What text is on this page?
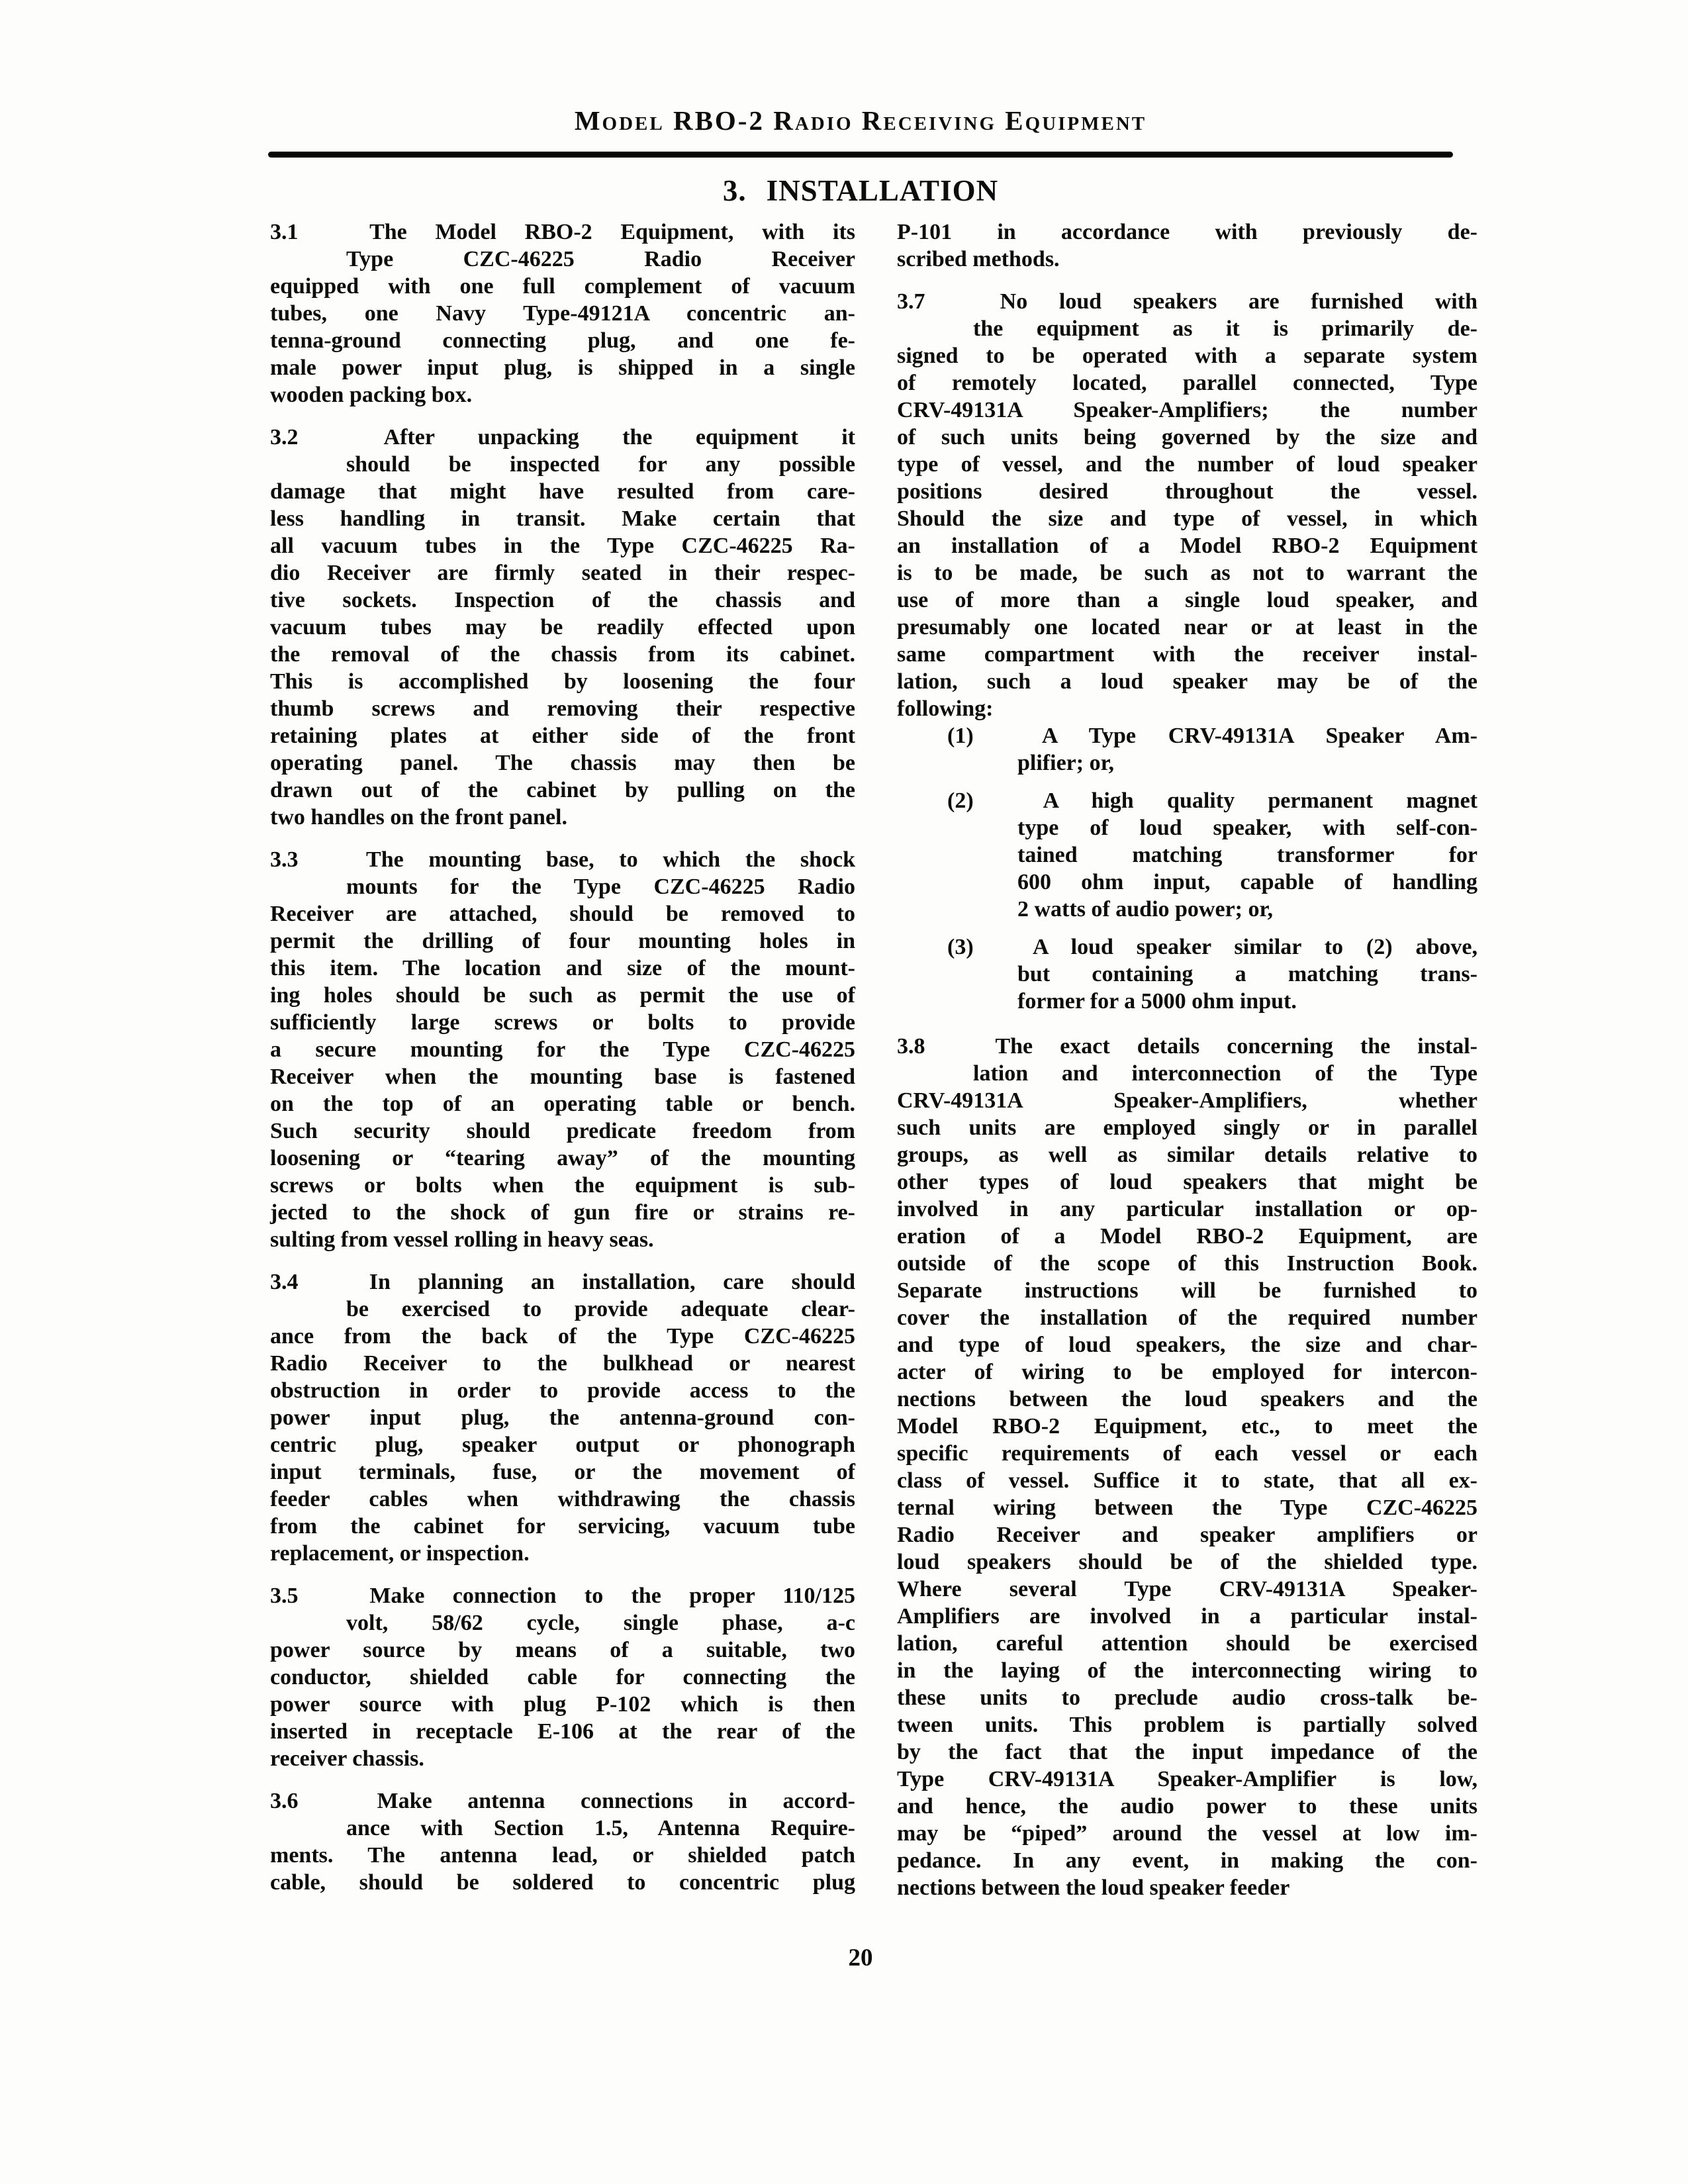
Model RBO-2 Radio Receiving Equipment
3. INSTALLATION
3.1 The Model RBO-2 Equipment, with its
Type CZC-46225 Radio Receiver
equipped with one full complement of vacuum
tubes, one Navy Type-49121A concentric an-
tenna-ground connecting plug, and one fe-
male power input plug, is shipped in a single
wooden packing box.
3.2 After unpacking the equipment it
should be inspected for any possible
damage that might have resulted from care-
less handling in transit. Make certain that
all vacuum tubes in the Type CZC-46225 Ra-
dio Receiver are firmly seated in their respec-
tive sockets. Inspection of the chassis and
vacuum tubes may be readily effected upon
the removal of the chassis from its cabinet.
This is accomplished by loosening the four
thumb screws and removing their respective
retaining plates at either side of the front
operating panel. The chassis may then be
drawn out of the cabinet by pulling on the
two handles on the front panel.
3.3 The mounting base, to which the shock
mounts for the Type CZC-46225 Radio
Receiver are attached, should be removed to
permit the drilling of four mounting holes in
this item. The location and size of the mount-
ing holes should be such as permit the use of
sufficiently large screws or bolts to provide
a secure mounting for the Type CZC-46225
Receiver when the mounting base is fastened
on the top of an operating table or bench.
Such security should predicate freedom from
loosening or “tearing away” of the mounting
screws or bolts when the equipment is sub-
jected to the shock of gun fire or strains re-
sulting from vessel rolling in heavy seas.
3.4 In planning an installation, care should
be exercised to provide adequate clear-
ance from the back of the Type CZC-46225
Radio Receiver to the bulkhead or nearest
obstruction in order to provide access to the
power input plug, the antenna-ground con-
centric plug, speaker output or phonograph
input terminals, fuse, or the movement of
feeder cables when withdrawing the chassis
from the cabinet for servicing, vacuum tube
replacement, or inspection.
3.5 Make connection to the proper 110/125
volt, 58/62 cycle, single phase, a-c
power source by means of a suitable, two
conductor, shielded cable for connecting the
power source with plug P-102 which is then
inserted in receptacle E-106 at the rear of the
receiver chassis.
3.6 Make antenna connections in accord-
ance with Section 1.5, Antenna Require-
ments. The antenna lead, or shielded patch
cable, should be soldered to concentric plug
P-101 in accordance with previously de-
scribed methods.
3.7 No loud speakers are furnished with
the equipment as it is primarily de-
signed to be operated with a separate system
of remotely located, parallel connected, Type
CRV-49131A Speaker-Amplifiers; the number
of such units being governed by the size and
type of vessel, and the number of loud speaker
positions desired throughout the vessel.
Should the size and type of vessel, in which
an installation of a Model RBO-2 Equipment
is to be made, be such as not to warrant the
use of more than a single loud speaker, and
presumably one located near or at least in the
same compartment with the receiver instal-
lation, such a loud speaker may be of the
following:
(1) A Type CRV-49131A Speaker Am-
plifier; or,
(2) A high quality permanent magnet
type of loud speaker, with self-con-
tained matching transformer for
600 ohm input, capable of handling
2 watts of audio power; or,
(3) A loud speaker similar to (2) above,
but containing a matching trans-
former for a 5000 ohm input.
3.8 The exact details concerning the instal-
lation and interconnection of the Type
CRV-49131A Speaker-Amplifiers, whether
such units are employed singly or in parallel
groups, as well as similar details relative to
other types of loud speakers that might be
involved in any particular installation or op-
eration of a Model RBO-2 Equipment, are
outside of the scope of this Instruction Book.
Separate instructions will be furnished to
cover the installation of the required number
and type of loud speakers, the size and char-
acter of wiring to be employed for intercon-
nections between the loud speakers and the
Model RBO-2 Equipment, etc., to meet the
specific requirements of each vessel or each
class of vessel. Suffice it to state, that all ex-
ternal wiring between the Type CZC-46225
Radio Receiver and speaker amplifiers or
loud speakers should be of the shielded type.
Where several Type CRV-49131A Speaker-
Amplifiers are involved in a particular instal-
lation, careful attention should be exercised
in the laying of the interconnecting wiring to
these units to preclude audio cross-talk be-
tween units. This problem is partially solved
by the fact that the input impedance of the
Type CRV-49131A Speaker-Amplifier is low,
and hence, the audio power to these units
may be “piped” around the vessel at low im-
pedance. In any event, in making the con-
nections between the loud speaker feeder
20
